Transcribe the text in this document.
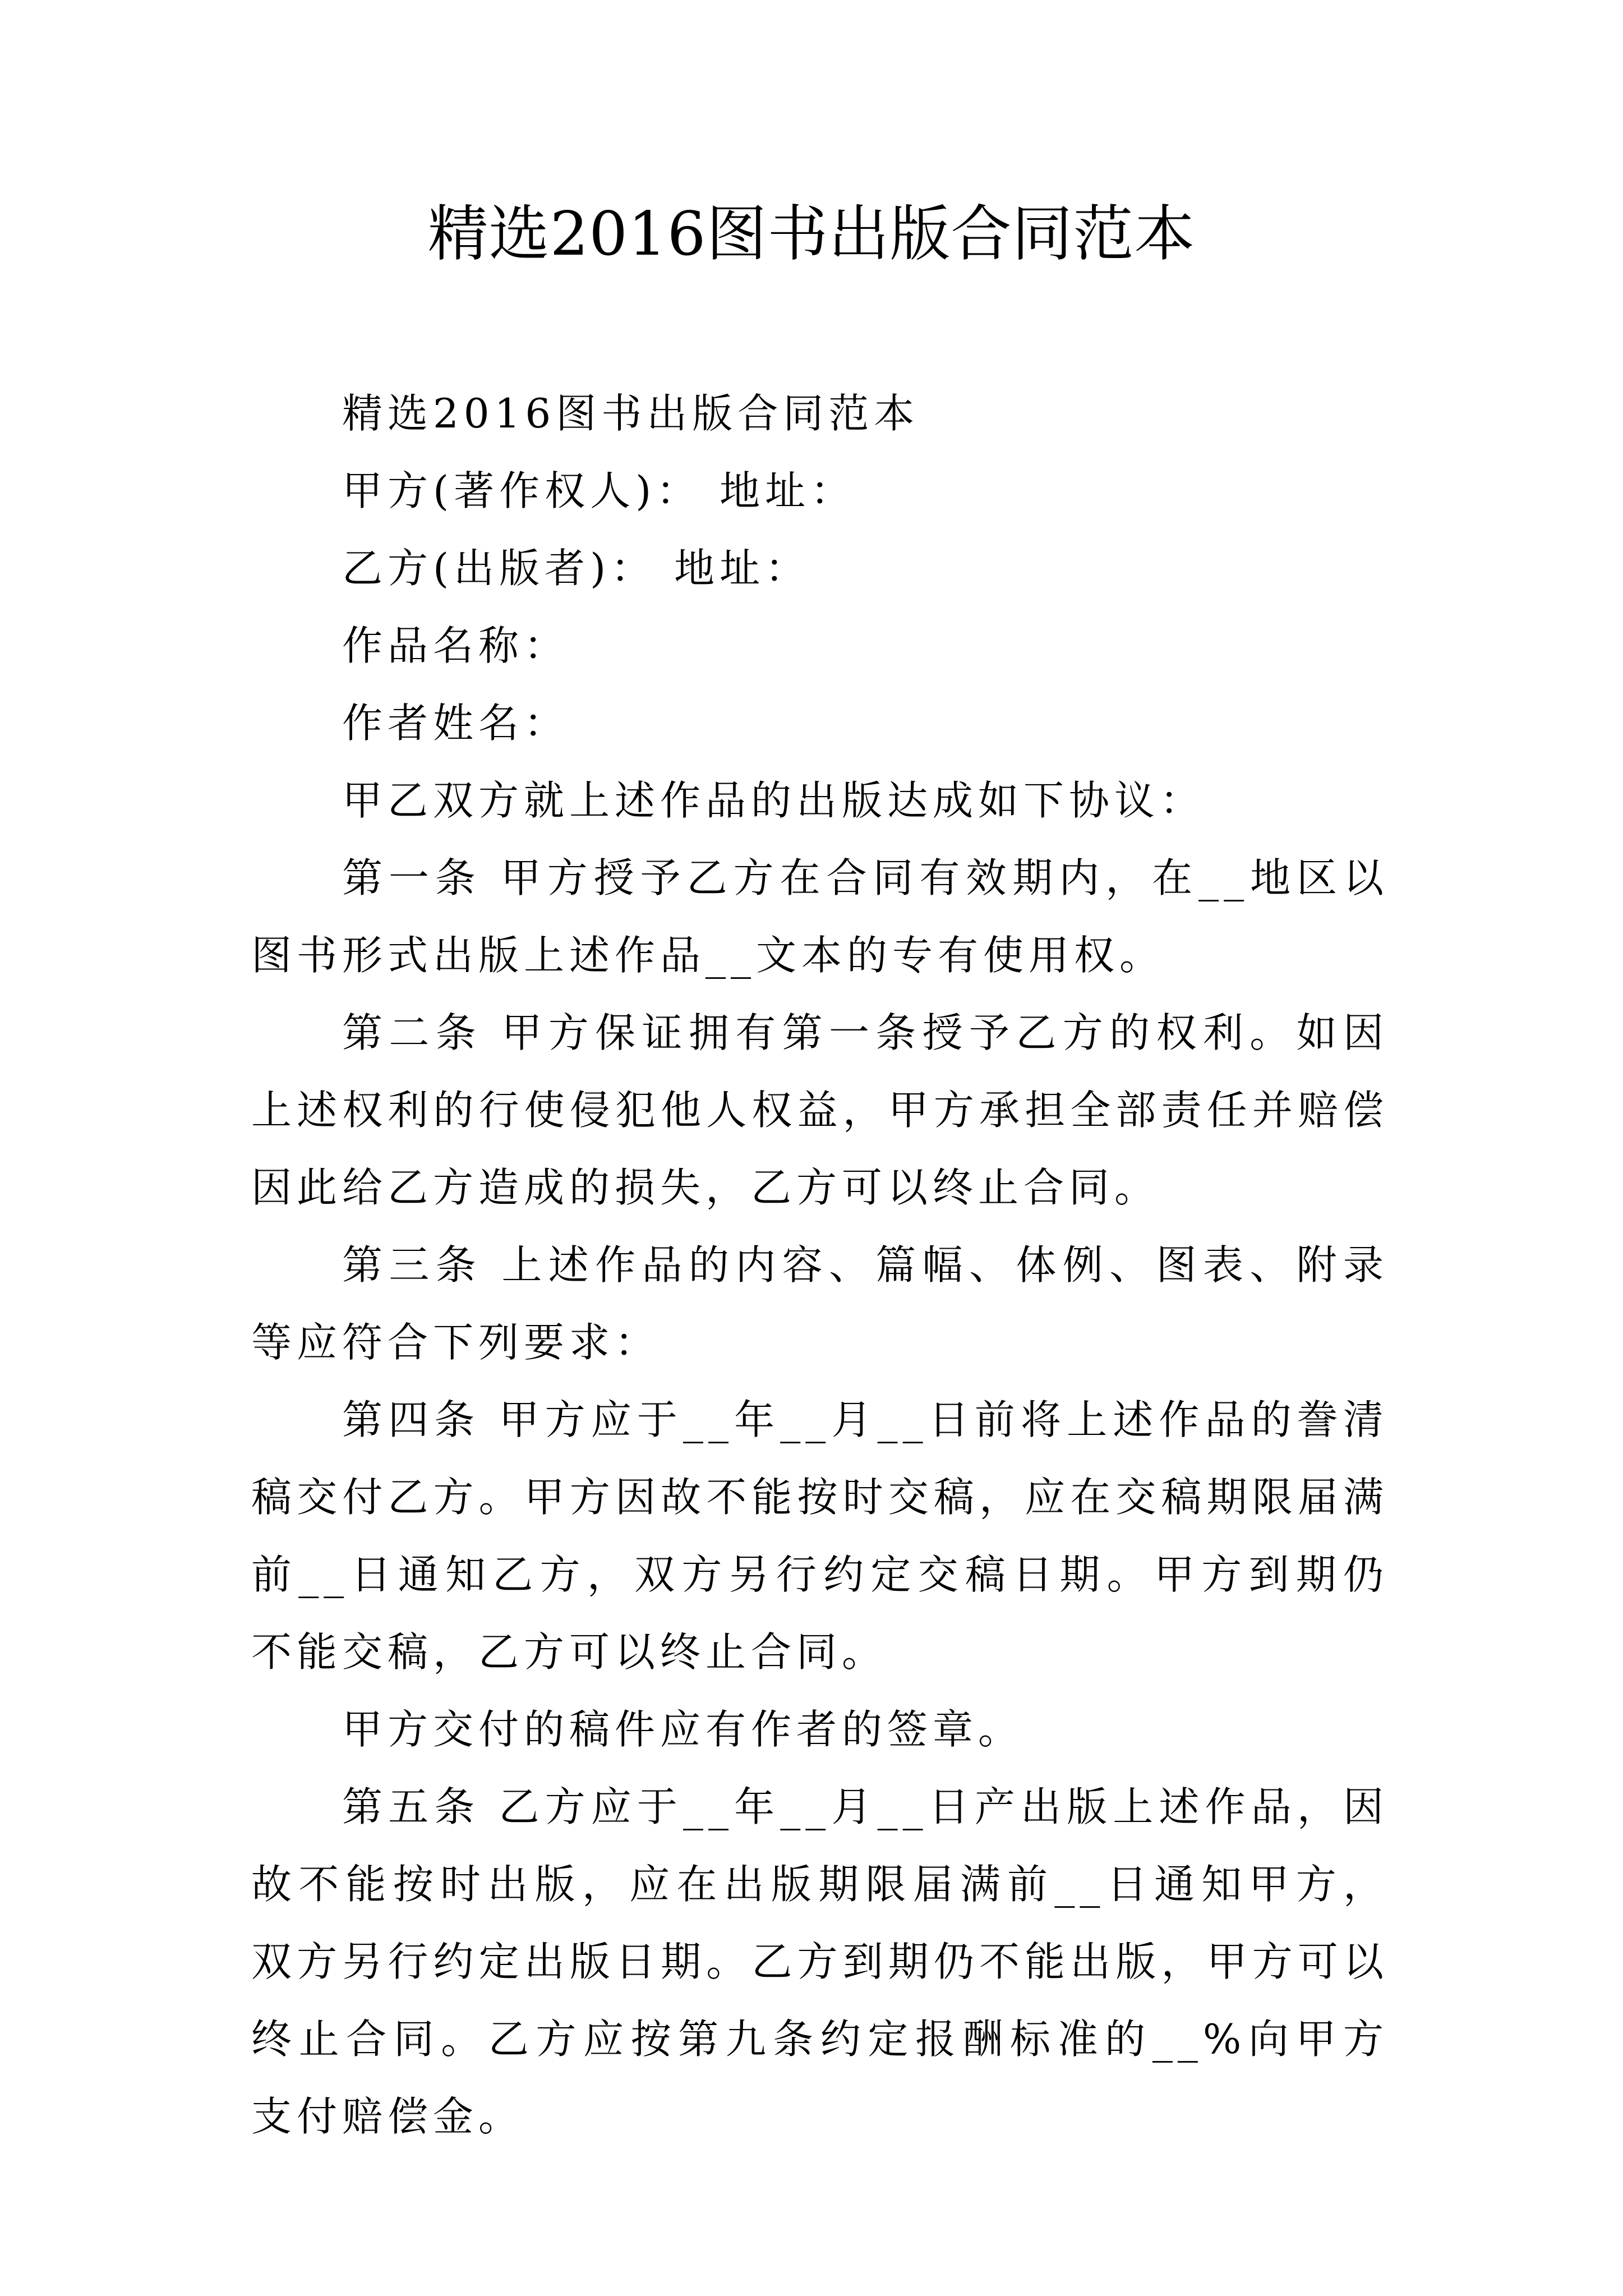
精选2016图书出版合同范本

精选2016图书出版合同范本

甲方(著作权人)： 地址：

乙方(出版者)： 地址：

作品名称：

作者姓名：

甲乙双方就上述作品的出版达成如下协议：

第一条 甲方授予乙方在合同有效期内，在__地区以图书形式出版上述作品__文本的专有使用权。

第二条 甲方保证拥有第一条授予乙方的权利。如因上述权利的行使侵犯他人权益，甲方承担全部责任并赔偿因此给乙方造成的损失，乙方可以终止合同。

第三条 上述作品的内容、篇幅、体例、图表、附录等应符合下列要求：

第四条 甲方应于__年__月__日前将上述作品的誊清稿交付乙方。甲方因故不能按时交稿，应在交稿期限届满前__日通知乙方，双方另行约定交稿日期。甲方到期仍不能交稿，乙方可以终止合同。

甲方交付的稿件应有作者的签章。

第五条 乙方应于__年__月__日产出版上述作品，因故不能按时出版，应在出版期限届满前__日通知甲方，双方另行约定出版日期。乙方到期仍不能出版，甲方可以终止合同。乙方应按第九条约定报酬标准的__%向甲方支付赔偿金。
